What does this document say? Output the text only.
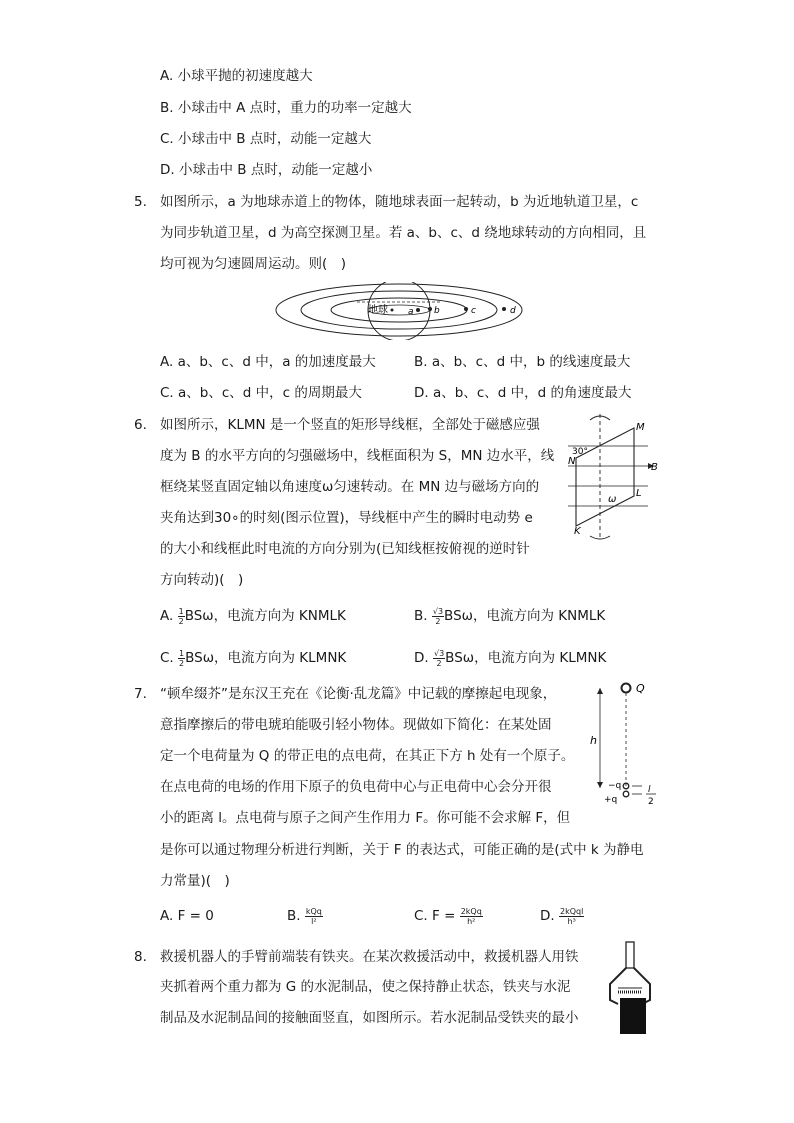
A. 小球平抛的初速度越大
B. 小球击中 A 点时，重力的功率一定越大
C. 小球击中 B 点时，动能一定越大
D. 小球击中 B 点时，动能一定越小
5. 如图所示，a 为地球赤道上的物体，随地球表面一起转动，b 为近地轨道卫星，c
为同步轨道卫星，d 为高空探测卫星。若 a、b、c、d 绕地球转动的方向相同，且
均可视为匀速圆周运动。则(　)
地球 a b	c	d
A. a、b、c、d 中，a 的加速度最大	B. a、b、c、d 中，b 的线速度最大
C. a、b、c、d 中，c 的周期最大	D. a、b、c、d 中，d 的角速度最大
6. 如图所示，KLMN 是一个竖直的矩形导线框，全部处于磁感应强
度为 B 的水平方向的匀强磁场中，线框面积为 S，MN 边水平，线
框绕某竖直固定轴以角速度ω匀速转动。在 MN 边与磁场方向的
夹角达到30∘的时刻(图示位置)，导线框中产生的瞬时电动势 e
的大小和线框此时电流的方向分别为(已知线框按俯视的逆时针
方向转动)(　)
30°
M
N
B
L
K
ω
A. $\frac{1}{2}$ BSω，电流方向为 KNMLK	B. $\frac{√3}{2}$ BSω，电流方向为 KNMLK
C. $\frac{1}{2}$ BSω，电流方向为 KLMNK	D. $\frac{√3}{2}$ BSω，电流方向为 KLMNK
7. “顿牟缀芥”是东汉王充在《论衡·乱龙篇》中记载的摩擦起电现象，
意指摩擦后的带电琥珀能吸引轻小物体。现做如下简化：在某处固
定一个电荷量为 Q 的带正电的点电荷，在其正下方 h 处有一个原子。
在点电荷的电场的作用下原子的负电荷中心与正电荷中心会分开很
小的距离 l。点电荷与原子之间产生作用力 F。你可能不会求解 F，但
是你可以通过物理分析进行判断，关于 F 的表达式，可能正确的是(式中 k 为静电
力常量)(　)
Q
h
−q
+q
l
2
A. F = 0	B. $\frac{\text{kQq}}{\text{l²}}$	C. $F = \frac{\text{2kQq}}{\text{h²}}$	D. $\frac{\text{2kQql}}{\text{h³}}$
8. 救援机器人的手臂前端装有铁夹。在某次救援活动中，救援机器人用铁
夹抓着两个重力都为 G 的水泥制品，使之保持静止状态，铁夹与水泥
制品及水泥制品间的接触面竖直，如图所示。若水泥制品受铁夹的最小
